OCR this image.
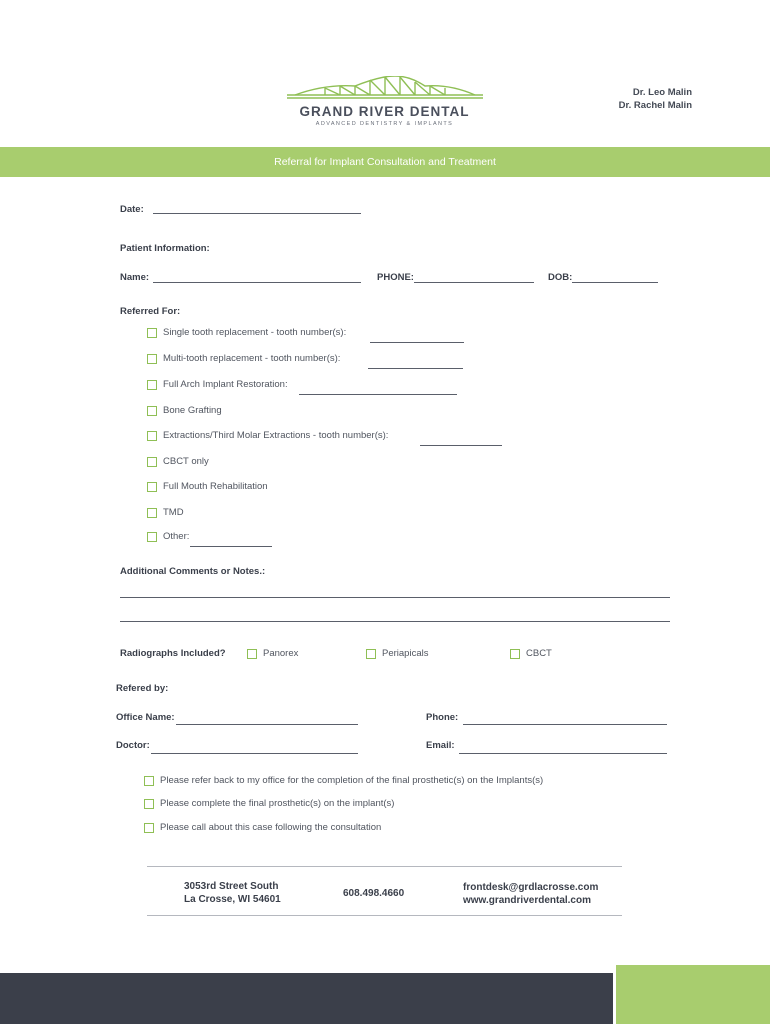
GRAND RIVER DENTAL
ADVANCED DENTISTRY & IMPLANTS
Dr. Leo Malin
Dr. Rachel Malin
Referral for Implant Consultation and Treatment
Date:
Patient Information:
Name:	PHONE:	DOB:
Referred For:
Single tooth replacement - tooth number(s):
Multi-tooth replacement - tooth number(s):
Full Arch Implant Restoration:
Bone Grafting
Extractions/Third Molar Extractions - tooth number(s):
CBCT only
Full Mouth Rehabilitation
TMD
Other:
Additional Comments or Notes.:
Radiographs Included?	Panorex	Periapicals	CBCT
Refered by:
Office Name:	Phone:
Doctor:	Email:
Please refer back to my office for the completion of the final prosthetic(s) on the Implants(s)
Please complete the final prosthetic(s) on the implant(s)
Please call about this case following the consultation
3053rd Street South
La Crosse, WI 54601
608.498.4660
frontdesk@grdlacrosse.com
www.grandriverdental.com
